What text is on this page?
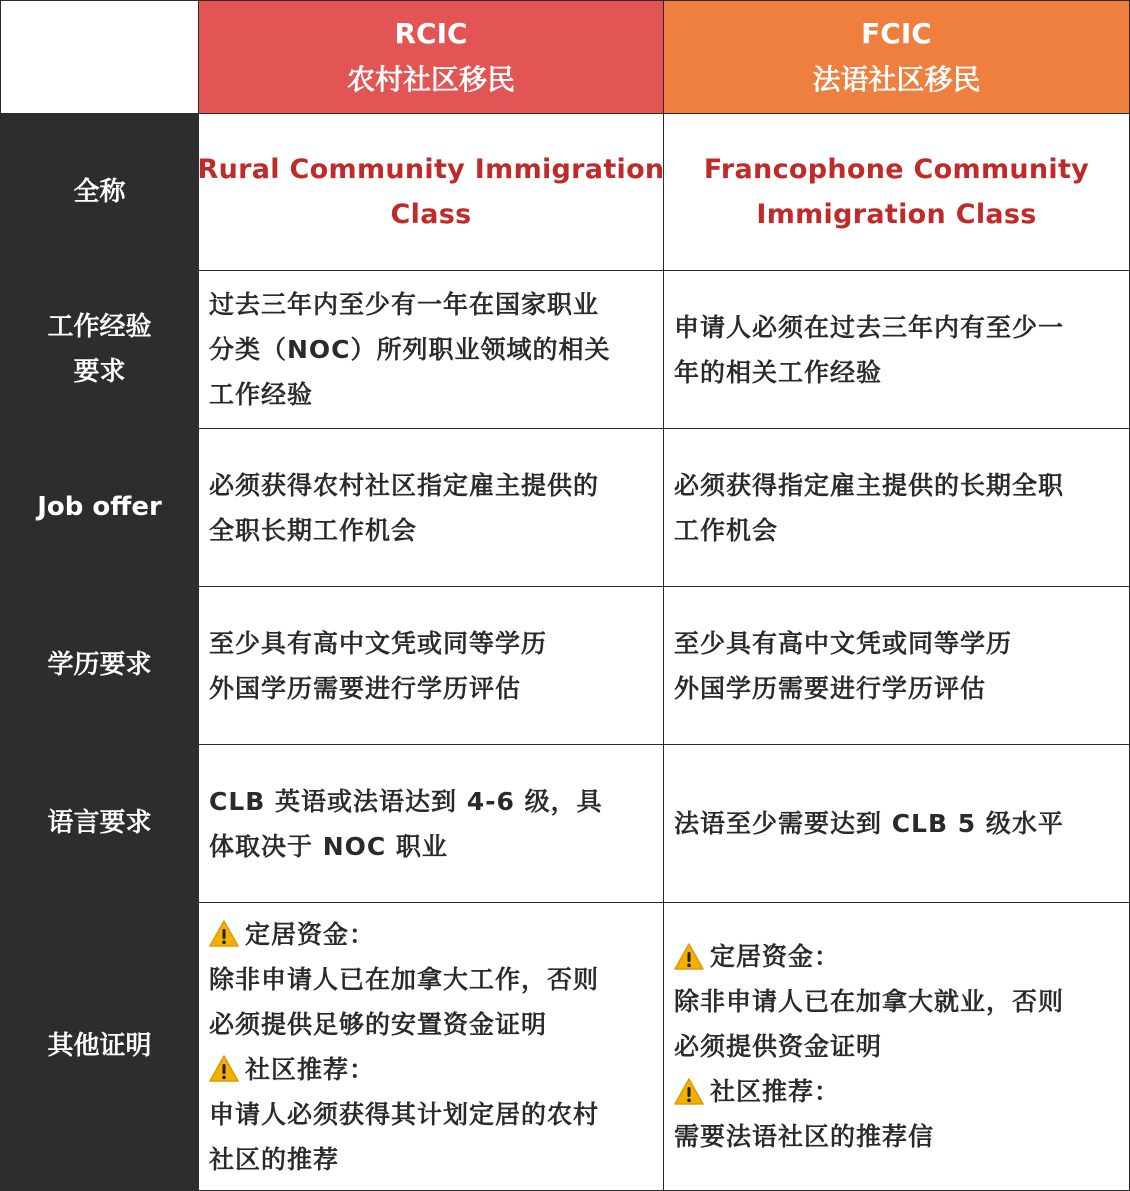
RCIC
农村社区移民
FCIC
法语社区移民
全称
Rural Community Immigration
Class
Francophone Community
Immigration Class
工作经验
要求
过去三年内至少有一年在国家职业
分类（NOC）所列职业领域的相关
工作经验
申请人必须在过去三年内有至少一
年的相关工作经验
Job offer
必须获得农村社区指定雇主提供的
全职长期工作机会
必须获得指定雇主提供的长期全职
工作机会
学历要求
至少具有高中文凭或同等学历
外国学历需要进行学历评估
至少具有高中文凭或同等学历
外国学历需要进行学历评估
语言要求
CLB 英语或法语达到 4-6 级，具
体取决于 NOC 职业
法语至少需要达到 CLB 5 级水平
其他证明
定居资金：
除非申请人已在加拿大工作，否则
必须提供足够的安置资金证明
社区推荐：
申请人必须获得其计划定居的农村
社区的推荐
定居资金：
除非申请人已在加拿大就业，否则
必须提供资金证明
社区推荐：
需要法语社区的推荐信
